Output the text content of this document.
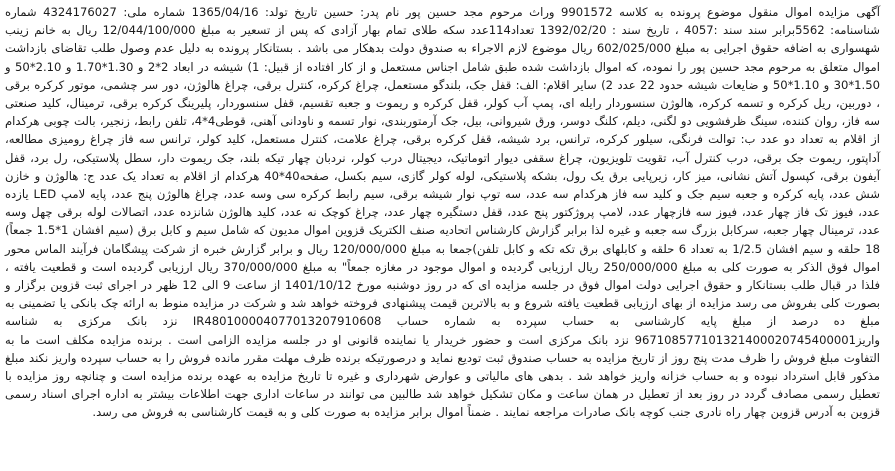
آگهی مزایده اموال منقول موضوع پرونده به کلاسه 9901572 وراث مرحوم مجد حسین پور نام پدر: حسین تاریخ تولد: 1365/04/16 شماره ملی: 4324176027 شماره شناسنامه: 5562برابر سند سند :4057 ، تاریخ سند : 1392/02/20 تعداد114عدد سکه طلای تمام بهار آزادی که پس از تسعیر به مبلغ 12/044/100/000 ریال به خانم زینب شهسواری به اضافه حقوق اجرایی به مبلغ 602/025/000 ریال موضوع لازم الاجراء به صندوق دولت بدهکار می باشد . بستانکار پرونده به دلیل عدم وصول طلب تقاضای بازداشت اموال متعلق به مرحوم مجد حسین پور را نموده، که اموال بازداشت شده طبق شامل اجناس مستعمل و از کار افتاده از قبیل: 1) شیشه در ابعاد 2*2 و 1.30*1.70 و 2.10*50 و 1.50*30 و 1.10*50 و ضایعات شیشه حدود 22 عدد 2) سایر اقلام: الف: قفل جک، بلندگو مستعمل، چراغ کرکره، کنترل برقی، چراغ هالوژن، دور سر چشمی، موتور کرکره برقی ، دوربین، ریل کرکره و تسمه کرکره، هالوژن سنسوردار رایله ای، پمپ آب کولر، قفل کرکره و ریموت و جعبه تقسیم، قفل سنسوردار، پلیرینگ کرکره برقی، ترمینال، کلید صنعتی سه فاز، روان کننده، سینگ ظرفشویی دو لگنی، دیلم، کلنگ دوسر، ورق شیروانی، بیل، جک آرمتوربندی، نوار تسمه و ناودانی آهنی، قوطی4*4، تلفن رابط، زنجیر، بالت چوبی هرکدام از اقلام به تعداد دو عدد ب: توالت فرنگی، سیلور کرکره، ترانس، برد شیشه، قفل کرکره برقی، چراغ علامت، کنترل مستعمل، کلید کولر، ترانس سه فاز چراغ رومیزی مطالعه، آداپتور، ریموت جک برقی، درب کنترل آب، تقویت تلویزیون، چراغ سقفی دیوار اتوماتیک، دیجیتال درب کولر، نردبان چهار تیکه بلند، جک ریموت دار، سطل پلاستیکی، رل برد، قفل آیفون برقی، کپسول آتش نشانی، میز کار، زیرپایی برق یک رول، بشکه پلاستیکی، لوله کولر گازی، سیم بکسل، صفحه40*40 هرکدام از اقلام به تعداد یک عدد ج: هالوژن و خازن شش عدد، پایه کرکره و جعبه سیم جک و کلید سه فاز هرکدام سه عدد، سه توپ نوار شیشه برقی، سیم رابط کرکره سی وسه عدد، چراغ هالوژن پنج عدد، پایه لامپ LED یازده عدد، فیوز تک فاز چهار عدد، فیوز سه فازچهار عدد، لامپ پروژکتور پنج عدد، قفل دستگیره چهار عدد، چراغ کوچک نه عدد، کلید هالوژن شانزده عدد، اتصالات لوله برقی چهل وسه عدد، ترمینال چهار جعبه، سرکابل بزرگ سه جعبه و غیره لذا برابر گزارش کارشناس اتحادیه صنف الکتریک قزوین اموال مدیون که شامل سیم و کابل برق (سیم افشان 1*1.5 جمعاً) 18 حلقه و سیم افشان 1/2.5 به تعداد 6 حلقه و کابلهای برق تکه تکه و کابل تلفن)جمعا به مبلغ 120/000/000 ریال و برابر گزارش خبره از شرکت پیشگامان فرآیند الماس محور اموال فوق الذکر به صورت کلی به مبلغ 250/000/000 ریال ارزیابی گردیده و اموال موجود در مغازه جمعاً" به مبلغ 370/000/000 ریال ارزیابی گردیده است و قطعیت یافته ، فلذا در قبال طلب بستانکار و حقوق اجرایی دولت اموال فوق در جلسه مزایده ای که در روز دوشنبه مورخ 1401/10/12 از ساعت 9 الی 12 ظهر در اجرای ثبت قزوین برگزار و بصورت کلی بفروش می رسد مزایده از بهای ارزیابی قطعیت یافته شروع و به بالاترین قیمت پیشنهادی فروخته خواهد شد و شرکت در مزایده منوط به ارائه چک بانکی یا تضمینی به مبلغ ده درصد از مبلغ پایه کارشناسی به حساب سپرده به شماره حساب IR480100004077013207910608 نزد بانک مرکزی به شناسه واریز967108577101321400020745400001 نزد بانک مرکزی است و حضور خریدار یا نماینده قانونی او در جلسه مزایده الزامی است . برنده مزایده مکلف است ما به التفاوت مبلغ فروش را ظرف مدت پنج روز از تاریخ مزایده به حساب صندوق ثبت تودیع نماید و درصورتیکه برنده ظرف مهلت مقرر مانده فروش را به حساب سپرده واریز نکند مبلغ مذکور قابل استرداد نبوده و به حساب خزانه واریز خواهد شد . بدهی های مالیاتی و عوارض شهرداری و غیره تا تاریخ مزایده به عهده برنده مزایده است و چنانچه روز مزایده با تعطیل رسمی مصادف گردد در روز بعد از تعطیل در همان ساعت و مکان تشکیل خواهد شد طالبین می توانند در ساعات اداری جهت اطلاعات بیشتر به اداره اجرای اسناد رسمی قزوین به آدرس قزوین چهار راه نادری جنب کوچه بانک صادرات مراجعه نمایند . ضمناً اموال برابر مزایده به صورت کلی و به قیمت کارشناسی به فروش می رسد.
